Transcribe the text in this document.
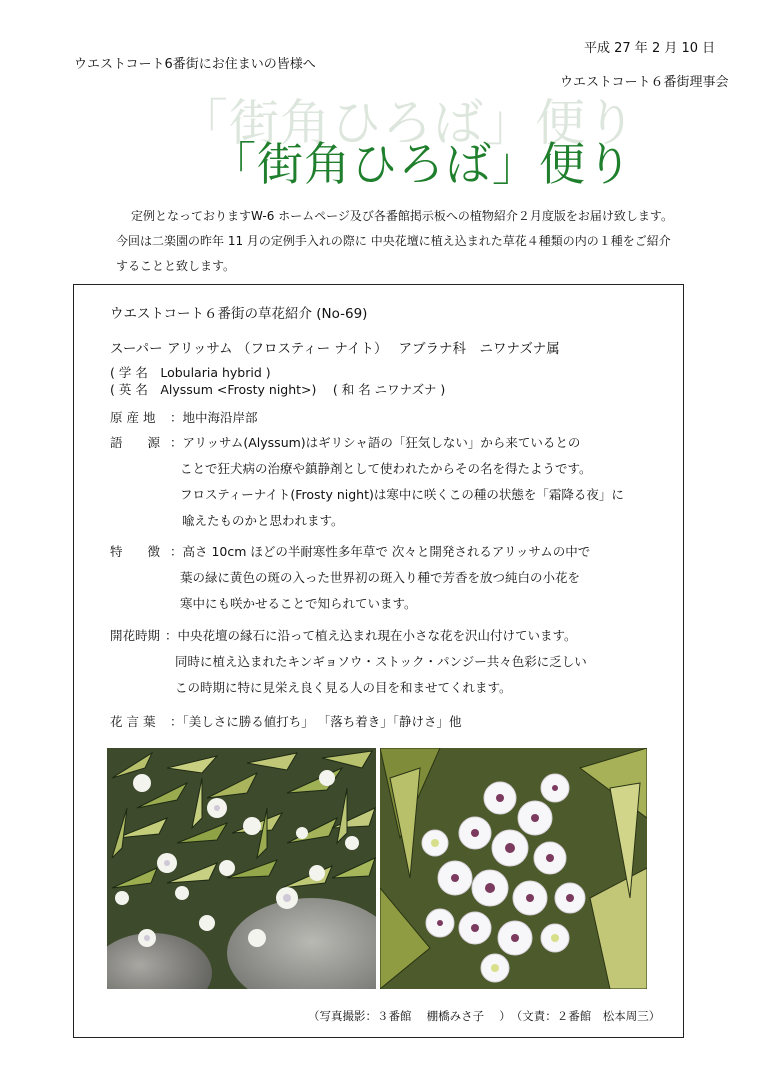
平成 27 年 2 月 10 日
ウエストコート6番街にお住まいの皆様へ
ウエストコート６番街理事会
「街角ひろば」便り
「街角ひろば」便り
定例となっておりますW-6 ホームページ及び各番館掲示板への植物紹介２月度版をお届け致します。
今回は二楽園の昨年 11 月の定例手入れの際に 中央花壇に植え込まれた草花４種類の内の１種をご紹介
することと致します。
ウエストコート６番街の草花紹介 (No-69)
スーパー アリッサム （フロスティー ナイト）　 アブラナ科　ニワナズナ属
( 学 名　Lobularia hybrid )
( 英 名　Alyssum <Frosty night>)　 ( 和 名 ニワナズナ )
原 産 地 ：地中海沿岸部
語　　源 ：アリッサム(Alyssum)はギリシャ語の「狂気しない」から来ているとの
ことで狂犬病の治療や鎮静剤として使われたからその名を得たようです。
フロスティーナイト(Frosty night)は寒中に咲くこの種の状態を「霜降る夜」に
喩えたものかと思われます。
特　　徴 ：高さ 10cm ほどの半耐寒性多年草で 次々と開発されるアリッサムの中で
葉の緑に黄色の斑の入った世界初の斑入り種で芳香を放つ純白の小花を
寒中にも咲かせることで知られています。
開花時期 ：中央花壇の縁石に沿って植え込まれ現在小さな花を沢山付けています。
同時に植え込まれたキンギョソウ・ストック・パンジー共々色彩に乏しい
この時期に特に見栄え良く見る人の目を和ませてくれます。
花 言 葉 ：「美しさに勝る値打ち」 「落ち着き」「静けさ」他
（写真撮影：３番館　 棚橋みさ子　 ）　（文責：２番館　松本周三）
